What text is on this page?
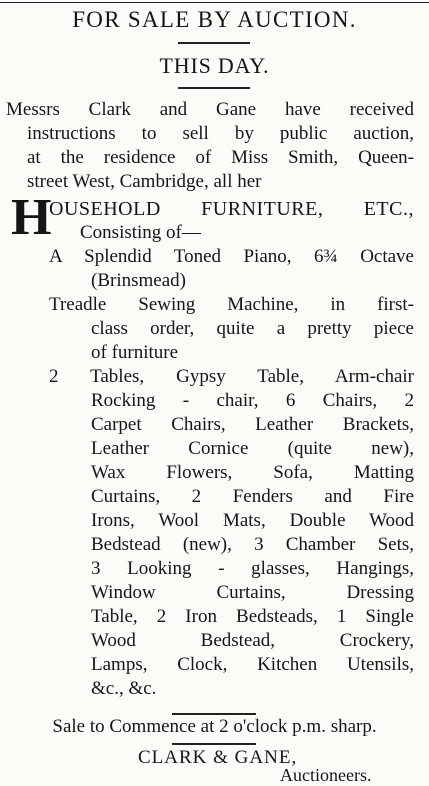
FOR SALE BY AUCTION.
THIS DAY.
Messrs Clark and Gane have received
instructions to sell by public auction,
at the residence of Miss Smith, Queen-
street West, Cambridge, all her
H
OUSEHOLD FURNITURE, ETC.,
Consisting of—
A Splendid Toned Piano, 6¾ Octave
(Brinsmead)
Treadle Sewing Machine, in first-
class order, quite a pretty piece
of furniture
2 Tables, Gypsy Table, Arm-chair
Rocking - chair, 6 Chairs, 2
Carpet Chairs, Leather Brackets,
Leather Cornice (quite new),
Wax Flowers, Sofa, Matting
Curtains, 2 Fenders and Fire
Irons, Wool Mats, Double Wood
Bedstead (new), 3 Chamber Sets,
3 Looking - glasses, Hangings,
Window Curtains, Dressing
Table, 2 Iron Bedsteads, 1 Single
Wood Bedstead, Crockery,
Lamps, Clock, Kitchen Utensils,
&c., &c.
Sale to Commence at 2 o'clock p.m. sharp.
CLARK & GANE,
Auctioneers.
